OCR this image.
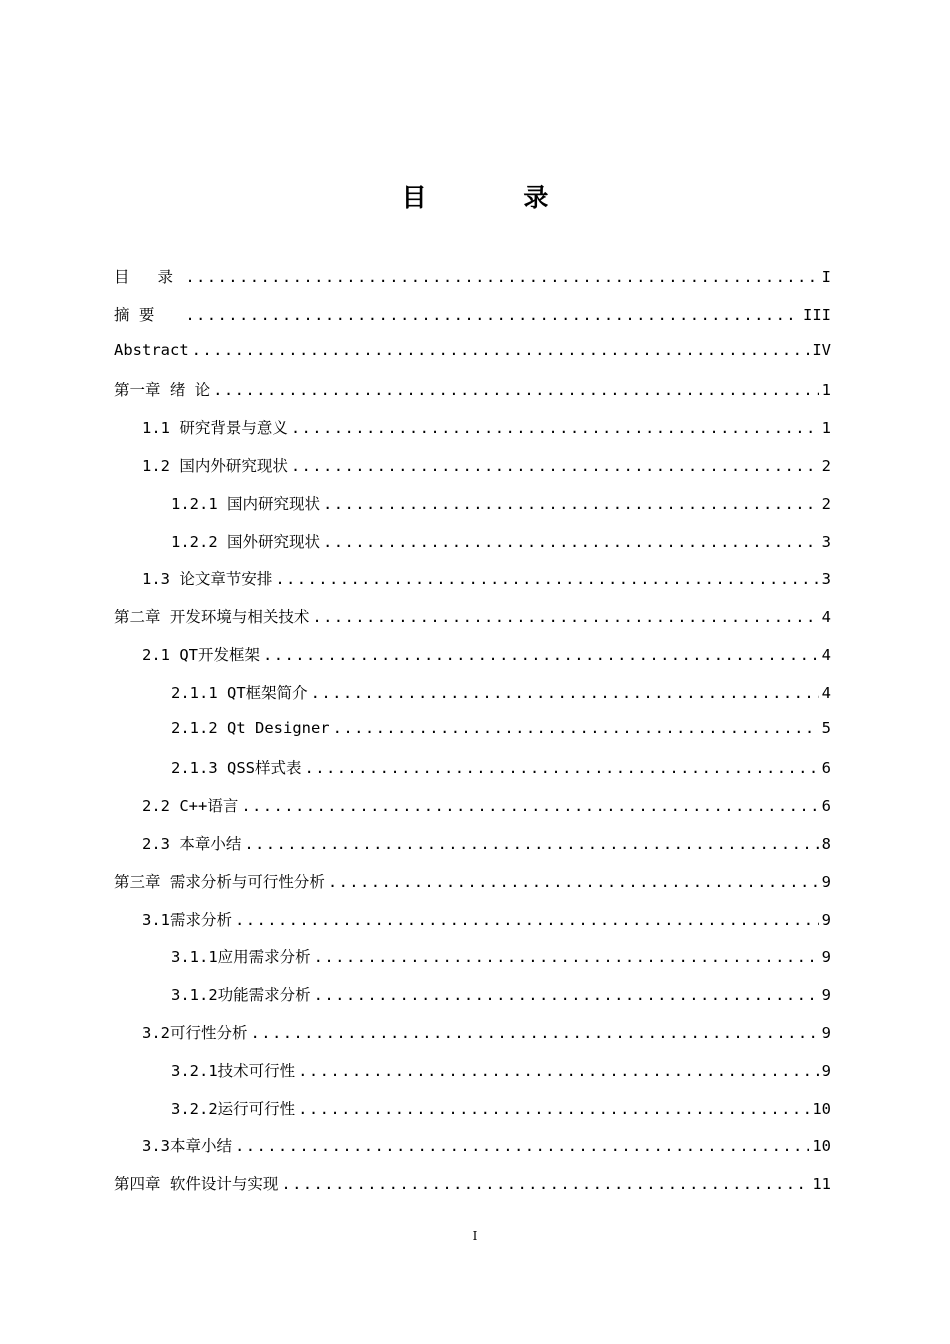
目 录
目   录 .....	I
摘 要 .....	III
Abstract .....	IV
第一章 绪 论 .....	1
1.1 研究背景与意义 .....	1
1.2 国内外研究现状 .....	2
1.2.1 国内研究现状 .....	2
1.2.2 国外研究现状 .....	3
1.3 论文章节安排 .....	3
第二章 开发环境与相关技术 .....	4
2.1 QT开发框架 .....	4
2.1.1 QT框架简介 .....	4
2.1.2 Qt Designer .....	5
2.1.3 QSS样式表 .....	6
2.2 C++语言 .....	6
2.3 本章小结 .....	8
第三章 需求分析与可行性分析 .....	9
3.1需求分析 .....	9
3.1.1应用需求分析 .....	9
3.1.2功能需求分析 .....	9
3.2可行性分析 .....	9
3.2.1技术可行性 .....	9
3.2.2运行可行性 .....	10
3.3本章小结 .....	10
第四章 软件设计与实现 .....	11
I
